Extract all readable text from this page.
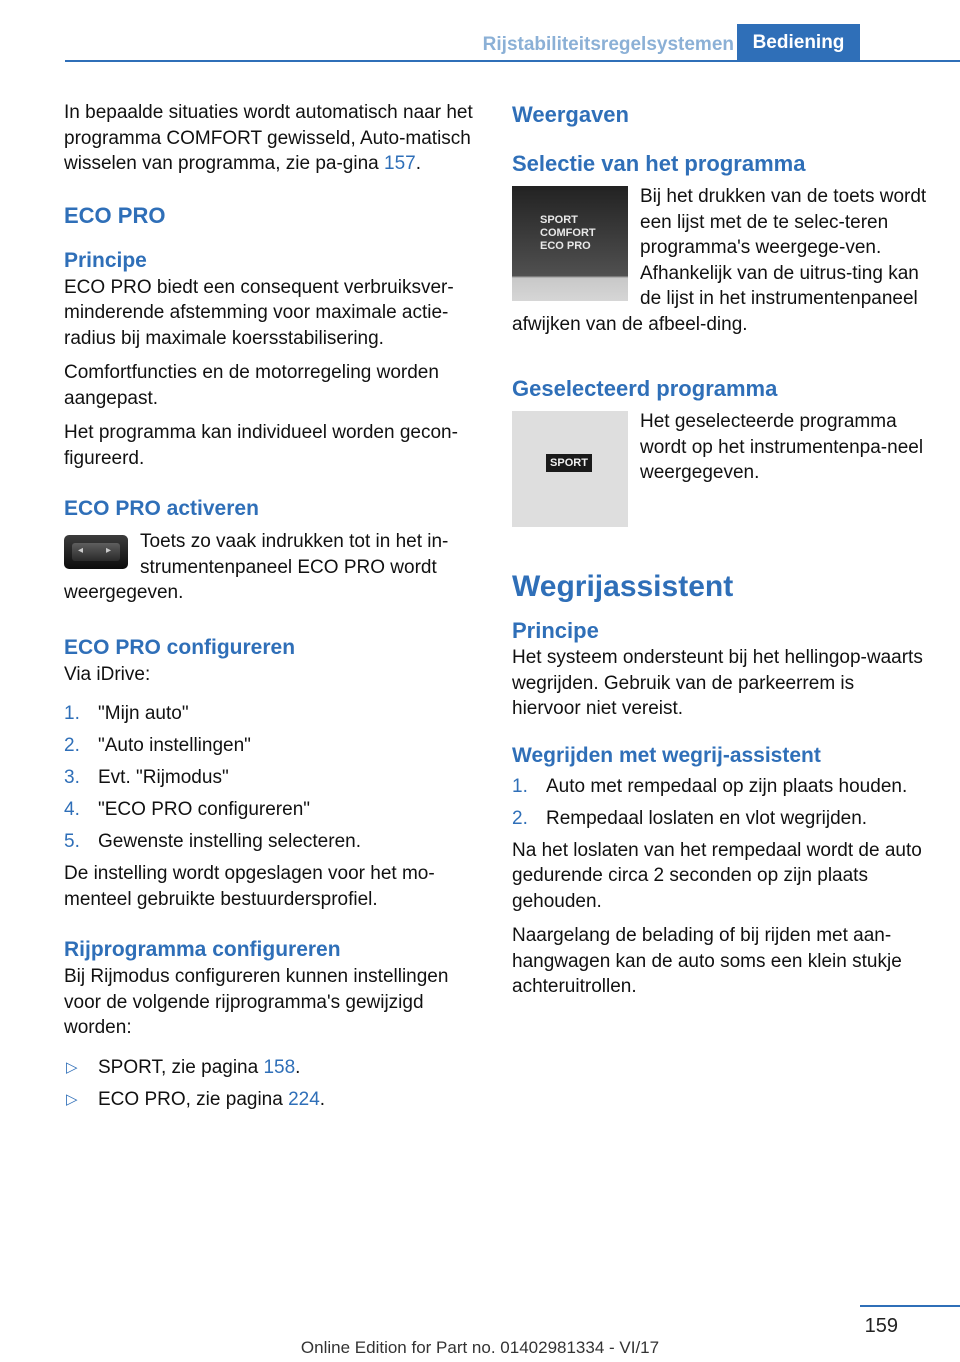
Rijstabiliteitsregelsystemen Bediening

In bepaalde situaties wordt automatisch naar het programma COMFORT gewisseld, Auto‐matisch wisselen van programma, zie pa‐gina 157.

ECO PRO
Principe

ECO PRO biedt een consequent verbruiksver‐minderende afstemming voor maximale actie‐radius bij maximale koersstabilisering.

Comfortfuncties en de motorregeling worden aangepast.

Het programma kan individueel worden gecon‐figureerd.

ECO PRO activeren
◂ ▸	Toets zo vaak indrukken tot in het in‐strumentenpaneel ECO PRO wordt weergegeven.

ECO PRO configureren

Via iDrive:

1. "Mijn auto"
2. "Auto instellingen"
3. Evt. "Rijmodus"
4. "ECO PRO configureren"
5. Gewenste instelling selecteren.

De instelling wordt opgeslagen voor het mo‐menteel gebruikte bestuurdersprofiel.

Rijprogramma configureren

Bij Rijmodus configureren kunnen instellingen voor de volgende rijprogramma's gewijzigd worden:

▷ SPORT, zie pagina 158.
▷ ECO PRO, zie pagina 224.
Weergaven
Selectie van het programma
SPORT
COMFORT
ECO PRO

Bij het drukken van de toets wordt een lijst met de te selec‐teren programma's weergege‐ven. Afhankelijk van de uitrus‐ting kan de lijst in het instrumentenpaneel afwijken van de afbeel‐ding.

Geselecteerd programma
SPORT

Het geselecteerde programma wordt op het instrumentenpa‐neel weergegeven.

Wegrijassistent
Principe

Het systeem ondersteunt bij het hellingop‐waarts wegrijden. Gebruik van de parkeerrem is hiervoor niet vereist.

Wegrijden met wegrij-assistent
1. Auto met rempedaal op zijn plaats houden.
2. Rempedaal loslaten en vlot wegrijden.

Na het loslaten van het rempedaal wordt de auto gedurende circa 2 seconden op zijn plaats gehouden.

Naargelang de belading of bij rijden met aan‐hangwagen kan de auto soms een klein stukje achteruitrollen.

159
Online Edition for Part no. 01402981334 - VI/17
